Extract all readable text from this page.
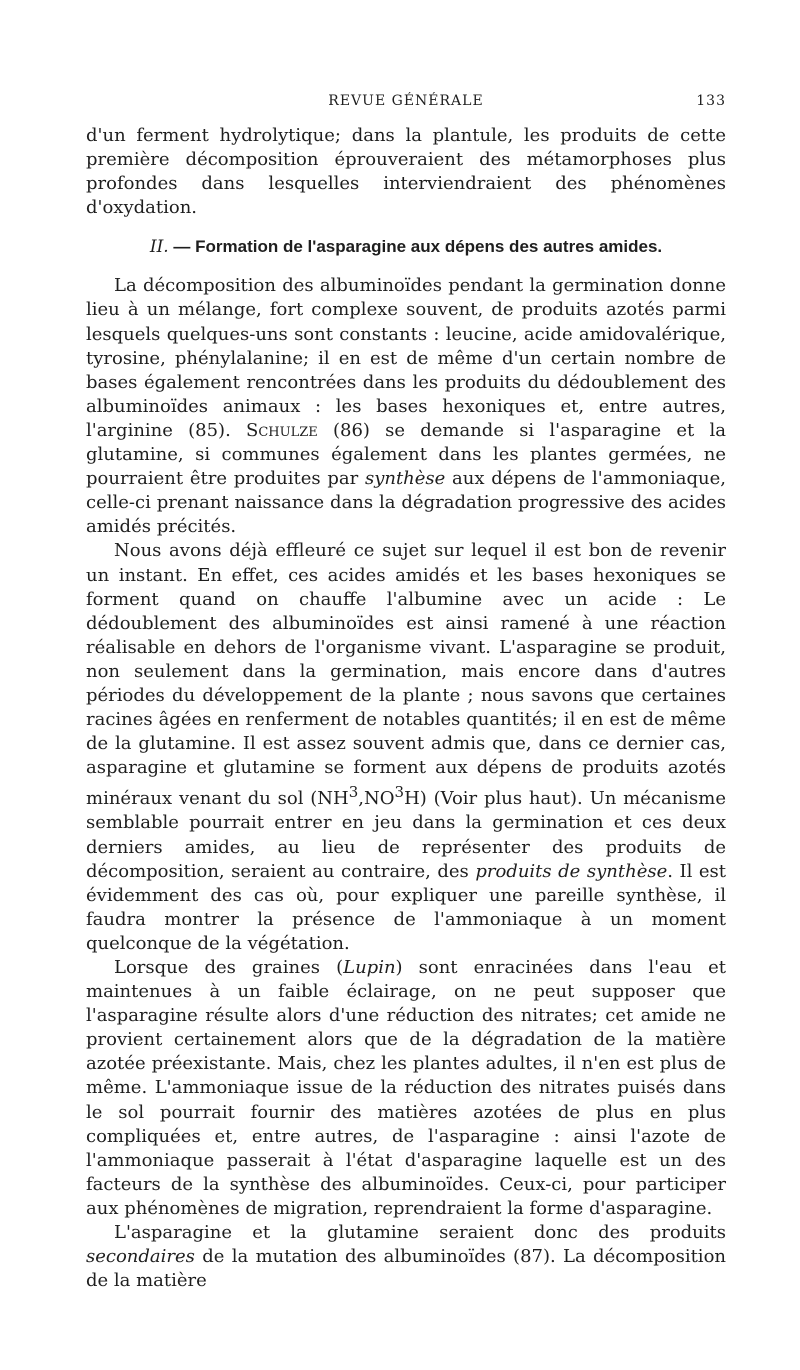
REVUE GÉNÉRALE	133

d'un ferment hydrolytique; dans la plantule, les produits de cette première décomposition éprouveraient des métamorphoses plus profondes dans lesquelles interviendraient des phénomènes d'oxydation.

II. — Formation de l'asparagine aux dépens des autres amides.

La décomposition des albuminoïdes pendant la germination donne lieu à un mélange, fort complexe souvent, de produits azotés parmi lesquels quelques-uns sont constants : leucine, acide amidovalérique, tyrosine, phénylalanine; il en est de même d'un certain nombre de bases également rencontrées dans les produits du dédoublement des albuminoïdes animaux : les bases hexoniques et, entre autres, l'arginine (85). Schulze (86) se demande si l'asparagine et la glutamine, si communes également dans les plantes germées, ne pourraient être produites par synthèse aux dépens de l'ammoniaque, celle-ci prenant naissance dans la dégradation progressive des acides amidés précités.

Nous avons déjà effleuré ce sujet sur lequel il est bon de revenir un instant. En effet, ces acides amidés et les bases hexoniques se forment quand on chauffe l'albumine avec un acide : Le dédoublement des albuminoïdes est ainsi ramené à une réaction réalisable en dehors de l'organisme vivant. L'asparagine se produit, non seulement dans la germination, mais encore dans d'autres périodes du développement de la plante ; nous savons que certaines racines âgées en renferment de notables quantités; il en est de même de la glutamine. Il est assez souvent admis que, dans ce dernier cas, asparagine et glutamine se forment aux dépens de produits azotés minéraux venant du sol $(NH^3,NO^3H)$ (Voir plus haut). Un mécanisme semblable pourrait entrer en jeu dans la germination et ces deux derniers amides, au lieu de représenter des produits de décomposition, seraient au contraire, des produits de synthèse. Il est évidemment des cas où, pour expliquer une pareille synthèse, il faudra montrer la présence de l'ammoniaque à un moment quelconque de la végétation.

Lorsque des graines (Lupin) sont enracinées dans l'eau et maintenues à un faible éclairage, on ne peut supposer que l'asparagine résulte alors d'une réduction des nitrates; cet amide ne provient certainement alors que de la dégradation de la matière azotée préexistante. Mais, chez les plantes adultes, il n'en est plus de même. L'ammoniaque issue de la réduction des nitrates puisés dans le sol pourrait fournir des matières azotées de plus en plus compliquées et, entre autres, de l'asparagine : ainsi l'azote de l'ammoniaque passerait à l'état d'asparagine laquelle est un des facteurs de la synthèse des albuminoïdes. Ceux-ci, pour participer aux phénomènes de migration, reprendraient la forme d'asparagine.

L'asparagine et la glutamine seraient donc des produits secondaires de la mutation des albuminoïdes (87). La décomposition de la matière
